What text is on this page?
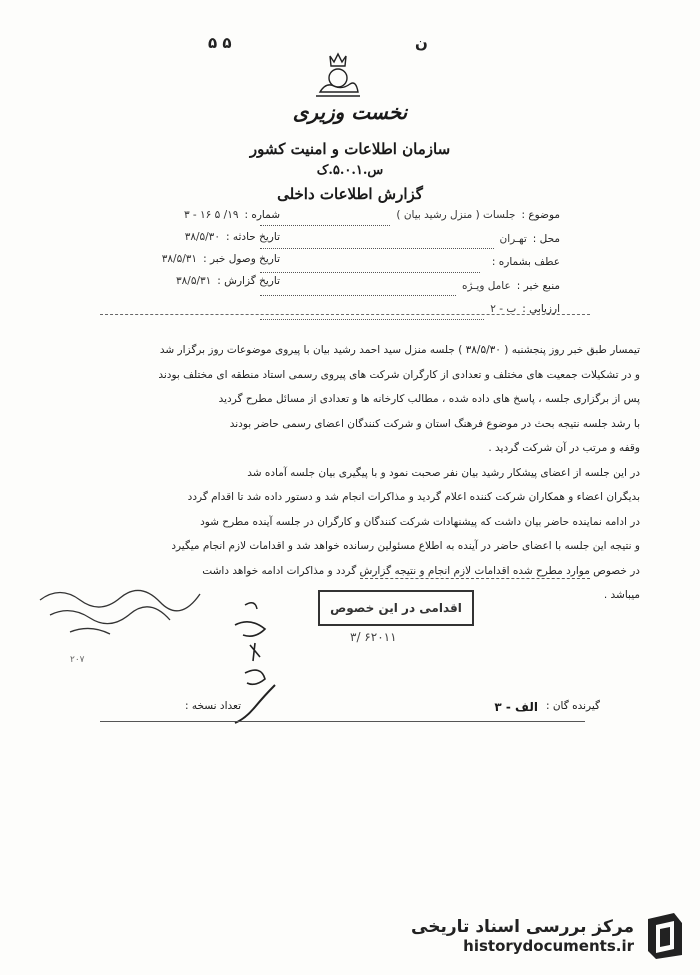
ن
۵ ۵
نخست وزیری
سازمان اطلاعات و امنیت کشور
س.۵.۰.۱.ک
گزارش اطلاعات داخلی
موضوع :
جلسات ( منزل رشید بیان )
محل :
تهـران
عطف بشماره :
منبع خبر :
عامل ویـژه
ارزیابی :
ب - ۲
شماره :
۱۹/ ۵ ۱۶ - ۳
تاریخ حادثه :
۳۸/۵/۳۰
تاریخ وصول خبر :
۳۸/۵/۳۱
تاریخ گزارش :
۳۸/۵/۳۱

تیمسار طبق خبر روز پنجشنبه ( ۳۸/۵/۳۰ ) جلسه منزل سید احمد رشید بیان با پیروی موضوعات روز برگزار شد

و در تشکیلات جمعیت های مختلف و تعدادی از کارگران شرکت های پیروی رسمی استاد منطقه ای مختلف بودند

پس از برگزاری جلسه ، پاسخ های داده شده ، مطالب کارخانه ها و تعدادی از مسائل مطرح گردید

با رشد جلسه نتیجه بحث در موضوع فرهنگ استان و شرکت کنندگان اعضای رسمی حاضر بودند

وقفه و مرتب در آن شرکت گردید .

در این جلسه از اعضای پیشکار رشید بیان نفر صحبت نمود و با پیگیری بیان جلسه آماده شد

بدیگران اعضاء و همکاران شرکت کننده اعلام گردید و مذاکرات انجام شد و دستور داده شد تا اقدام گردد

در ادامه نماینده حاضر بیان داشت که پیشنهادات شرکت کنندگان و کارگران در جلسه آینده مطرح شود

و نتیجه این جلسه با اعضای حاضر در آینده به اطلاع مسئولین رسانده خواهد شد و اقدامات لازم انجام میگیرد

در خصوص موارد مطرح شده اقدامات لازم انجام و نتیجه گزارش گردد و مذاکرات ادامه خواهد داشت

میباشد .

اقدامی در این خصوص
۳/ ۶۲۰۱۱
۲۰۷
گیرنده گان :
الف - ۳
تعداد نسخه :
مرکز بررسی اسناد تاریخی
historydocuments.ir
